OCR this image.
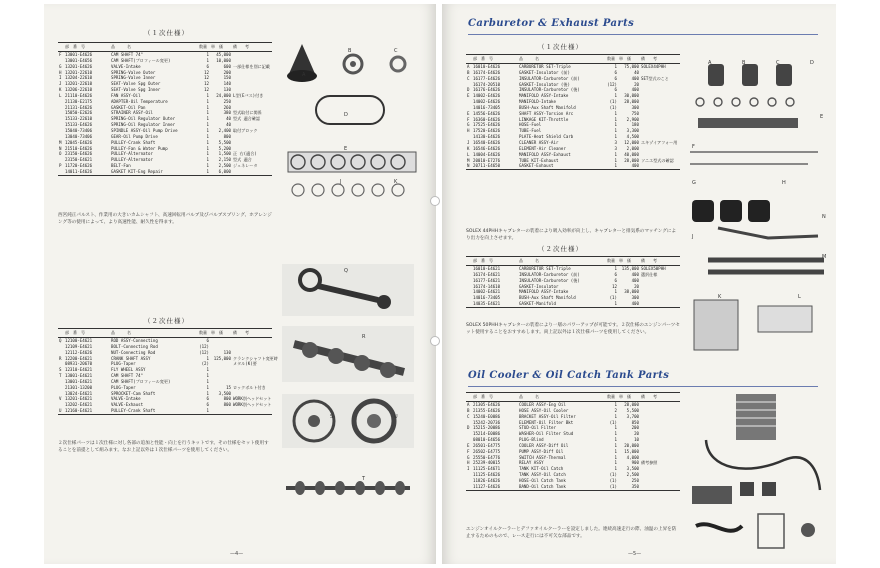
（１次仕様）
	部　番　号	品　　　名	数量	単　価	備　　考
F	13001-E4626	CAM SHAFT 74°	1	45,000	
	13001-E4656	CAM SHAFT(プロフィール変更)	1	10,000	
G	13201-E4626	VALVE-Intake	6	600	一部仕様を別に記載
H	13201-22610	SPRING-Valve Outer	12	200	
I	13204-22610	SPRING-Valve Inner	12	150	
J	13201-22610	SEAT-Valve Spg Outer	12	140	
K	13206-22610	SEAT-Valve Spg Inner	12	130	
L	21110-E4626	FAN ASSY-Oil	1	24,000	L型(Eバス)付き
	21130-E2175	ADAPTER-Oil Temperature	1	250	
	21131-E4626	GASKET-Oil Pan	1	260	
	15050-E2626	STRAINER ASSY-Oil	1	380	型式取付に関係
	15133-22610	SPRING-Oil Regulator Outer	1	40	型式 適合確認
	15133-E4626	SPRING-Oil Regulator Inner	1	40	
	15040-73406	SPINDLE ASSY-Oil Pump Drive	1	2,400	取付ブロック
	13040-73406	GEAR-Oil Pump Drive	1	800	
M	12045-E4626	PULLEY-Crank Shaft	1	5,500	
N	21510-E4626	PULLEY-Fan & Water Pump	1	5,200	
O	23150-E4626	PULLEY-Alternator	1	1,500	正 右(適合)
	23150-E4621	PULLEY-Alternator	1	2,150	型式 適合
P	11720-E4626	BELT-Fan	1	2,500	ジェネレータ
	14011-E4626	GASKET KIT-Eng Repair	1	6,000	
西宮純正パルスト、作業用の大きいカムシャフト、高速回転用バルブ及びバルブスプリング、ホアレンジング等の使用によって、より高速性能、耐久性を得ます。
（２次仕様）
	部　番　号	品　　　名	数量	単　価	備　　考
Q	12100-E4621	ROD ASSY-Connecting	6		
	12109-E4621	BOLT-Connecting Rod	(12)		
	12112-E4626	NUT-Connecting Rod	(12)	130	
R	12200-E4621	CRANK SHAFT ASSY	1	125,000	クランクシャフト変更時
	08931-20670	PLUG-Taper	(2)		メタル(K)要
S	12310-E4621	FLY WHEEL ASSY	1		
T	13001-E4621	CAM SHAFT 74°	1		
	13001-E4621	CAM SHAFT(プロフィール変更)	1		
	21301-13200	PLUG-Taper	1	15	ロックボルト付き
	13024-E4621	SPROCKET-Cam Shaft	1	3,500	
V	13201-E4621	VALVE-Intake	6	800	WORK別ヘッドセット
	13202-E4621	VALVE-Exhaust	6	800	WORK別ヘッドセット
U	12160-E4621	PULLEY-Crank Shaft	1		
２次仕様パーツは１次仕様に対し各部の追加と性能・向上を行うキットです。その仕様をセット使用することを前提として組みます。なお上記以外は１次仕様パーツを使用してください。
A
B	C
D
E
J	K
Q
R
S
T
U
—4—
Carburetor & Exhaust Parts
（１次仕様）
	部　番　号	品　　　名	数量	単　価	備　　考
A	16010-E4626	CARBURETOR SET-Triple	1	75,000	SOLEX44PHH
B	16174-E4626	GASKET-Insulator (前)	6	40	
C	16177-E4626	INSULATOR-Carburetor (前)	6	400	SET型式のこと
	16174-20510	GASKET-Insulator (後)	(12)	20	
D	16176-E4626	INSULATOR-Carburetor (後)	6	400	
E	14002-E4626	MANIFOLD ASSY-Intake	1	30,000	
	14002-E4626	MANIFOLD-Intake	(1)	28,000	
	14016-73405	BUSH-Aux Shaft Manifold	(1)	300	
E	14556-E4626	SHAFT ASSY-Torsion Arc	1	750	
F	16360-E4626	LINKAGE KIT-Throttle	1	2,900	
G	17525-E4626	HOSE-Fuel	1	180	
H	17520-E4626	TUBE-Fuel	1	3,300	
	14130-E4626	PLATE-Heat Shield Carb	1	4,500	
J	16540-E4626	CLEANER ASSY-Air	3	12,000	エキゾイアフォー用
K	16546-E4626	ELEMENT-Air Cleaner	3	2,000	
L	14004-E4626	MANIFOLD ASSY-Exhaust	1	40,000	
M	20010-E7276	TUBE KIT-Exhaust	1	28,000	ソニエ型式の確認
N	20711-E4650	GASKET-Exhaust	1	400	
SOLEX 44PHHキャブレターの装着により吸入効率が向上し、キャブレターと排気系のマッチングにより出力を向上させます。
（２次仕様）
	部　番　号	品　　　名	数量	単　価	備　　考
	16010-E4621	CARBURETOR SET-Triple	1	135,000	SOLEX50PHH
	16174-E4621	INSULATOR-Carburetor (前)	6	400	選択仕様
	16177-E4621	INSULATOR-Carburetor (後)	6	400	
	16174-14610	GASKET-Insulator	12	20	
	14002-E4621	MANIFOLD ASSY-Intake	1	38,000	
	14016-73405	BUSH-Aux Shaft Manifold	(1)	300	
	14035-E4621	GASKET-Manifold	1	400	
SOLEX 50PHHキャブレターの装着により一層のパワーアップが可能です。２次仕様のエンジンパーツセット使用することをおすすめします。尚上記以外は１次仕様パーツを使用してください。
Oil Cooler & Oil Catch Tank Parts
	部　番　号	品　　　名	数量	単　価	備　　考
A	21305-E4626	COOLER ASSY-Eng Oil	1	28,000	
B	21355-E4626	HOSE ASSY-Oil Cooler	2	5,500	
C	15240-E0086	BRACKET ASSY-Oil Filter	1	3,700	
	15242-20736	ELEMENT-Oil Filter Bkt	(1)	850	
D	15215-20086	STUD-Oil Filter	1	200	
	15214-E0086	WASHER-Oil Filter Stud	1	20	
	08010-E4656	PLUG-Blind	1	10	
E	26501-E4775	COOLER ASSY-Diff Oil	1	20,000	
F	26502-E4775	PUMP ASSY-Diff Oil	1	15,000	
G	25550-E4776	SWITCH ASSY-Thermal	1	4,000	
H	25239-40015	RELAY ASSY	1	900	備考参照
I	11125-E4671	TANK KIT-Oil Catch	1	3,500	
	11125-E4626	TANK ASSY-Oil Catch	(1)	2,500	
	11826-E4626	HOSE-Oil Catch Tank	(1)	250	
	11127-E4626	BAND-Oil Catch Tank	(1)	350	
エンジンオイルクーラーとデファオイルクーラーを設定しました。連続高速走行の際、油温の上昇を防止するためのもので、レース走行には不可欠な部品です。
A	B	C	D
E
F
G	H
I
J
K	L
M
N
—5—
